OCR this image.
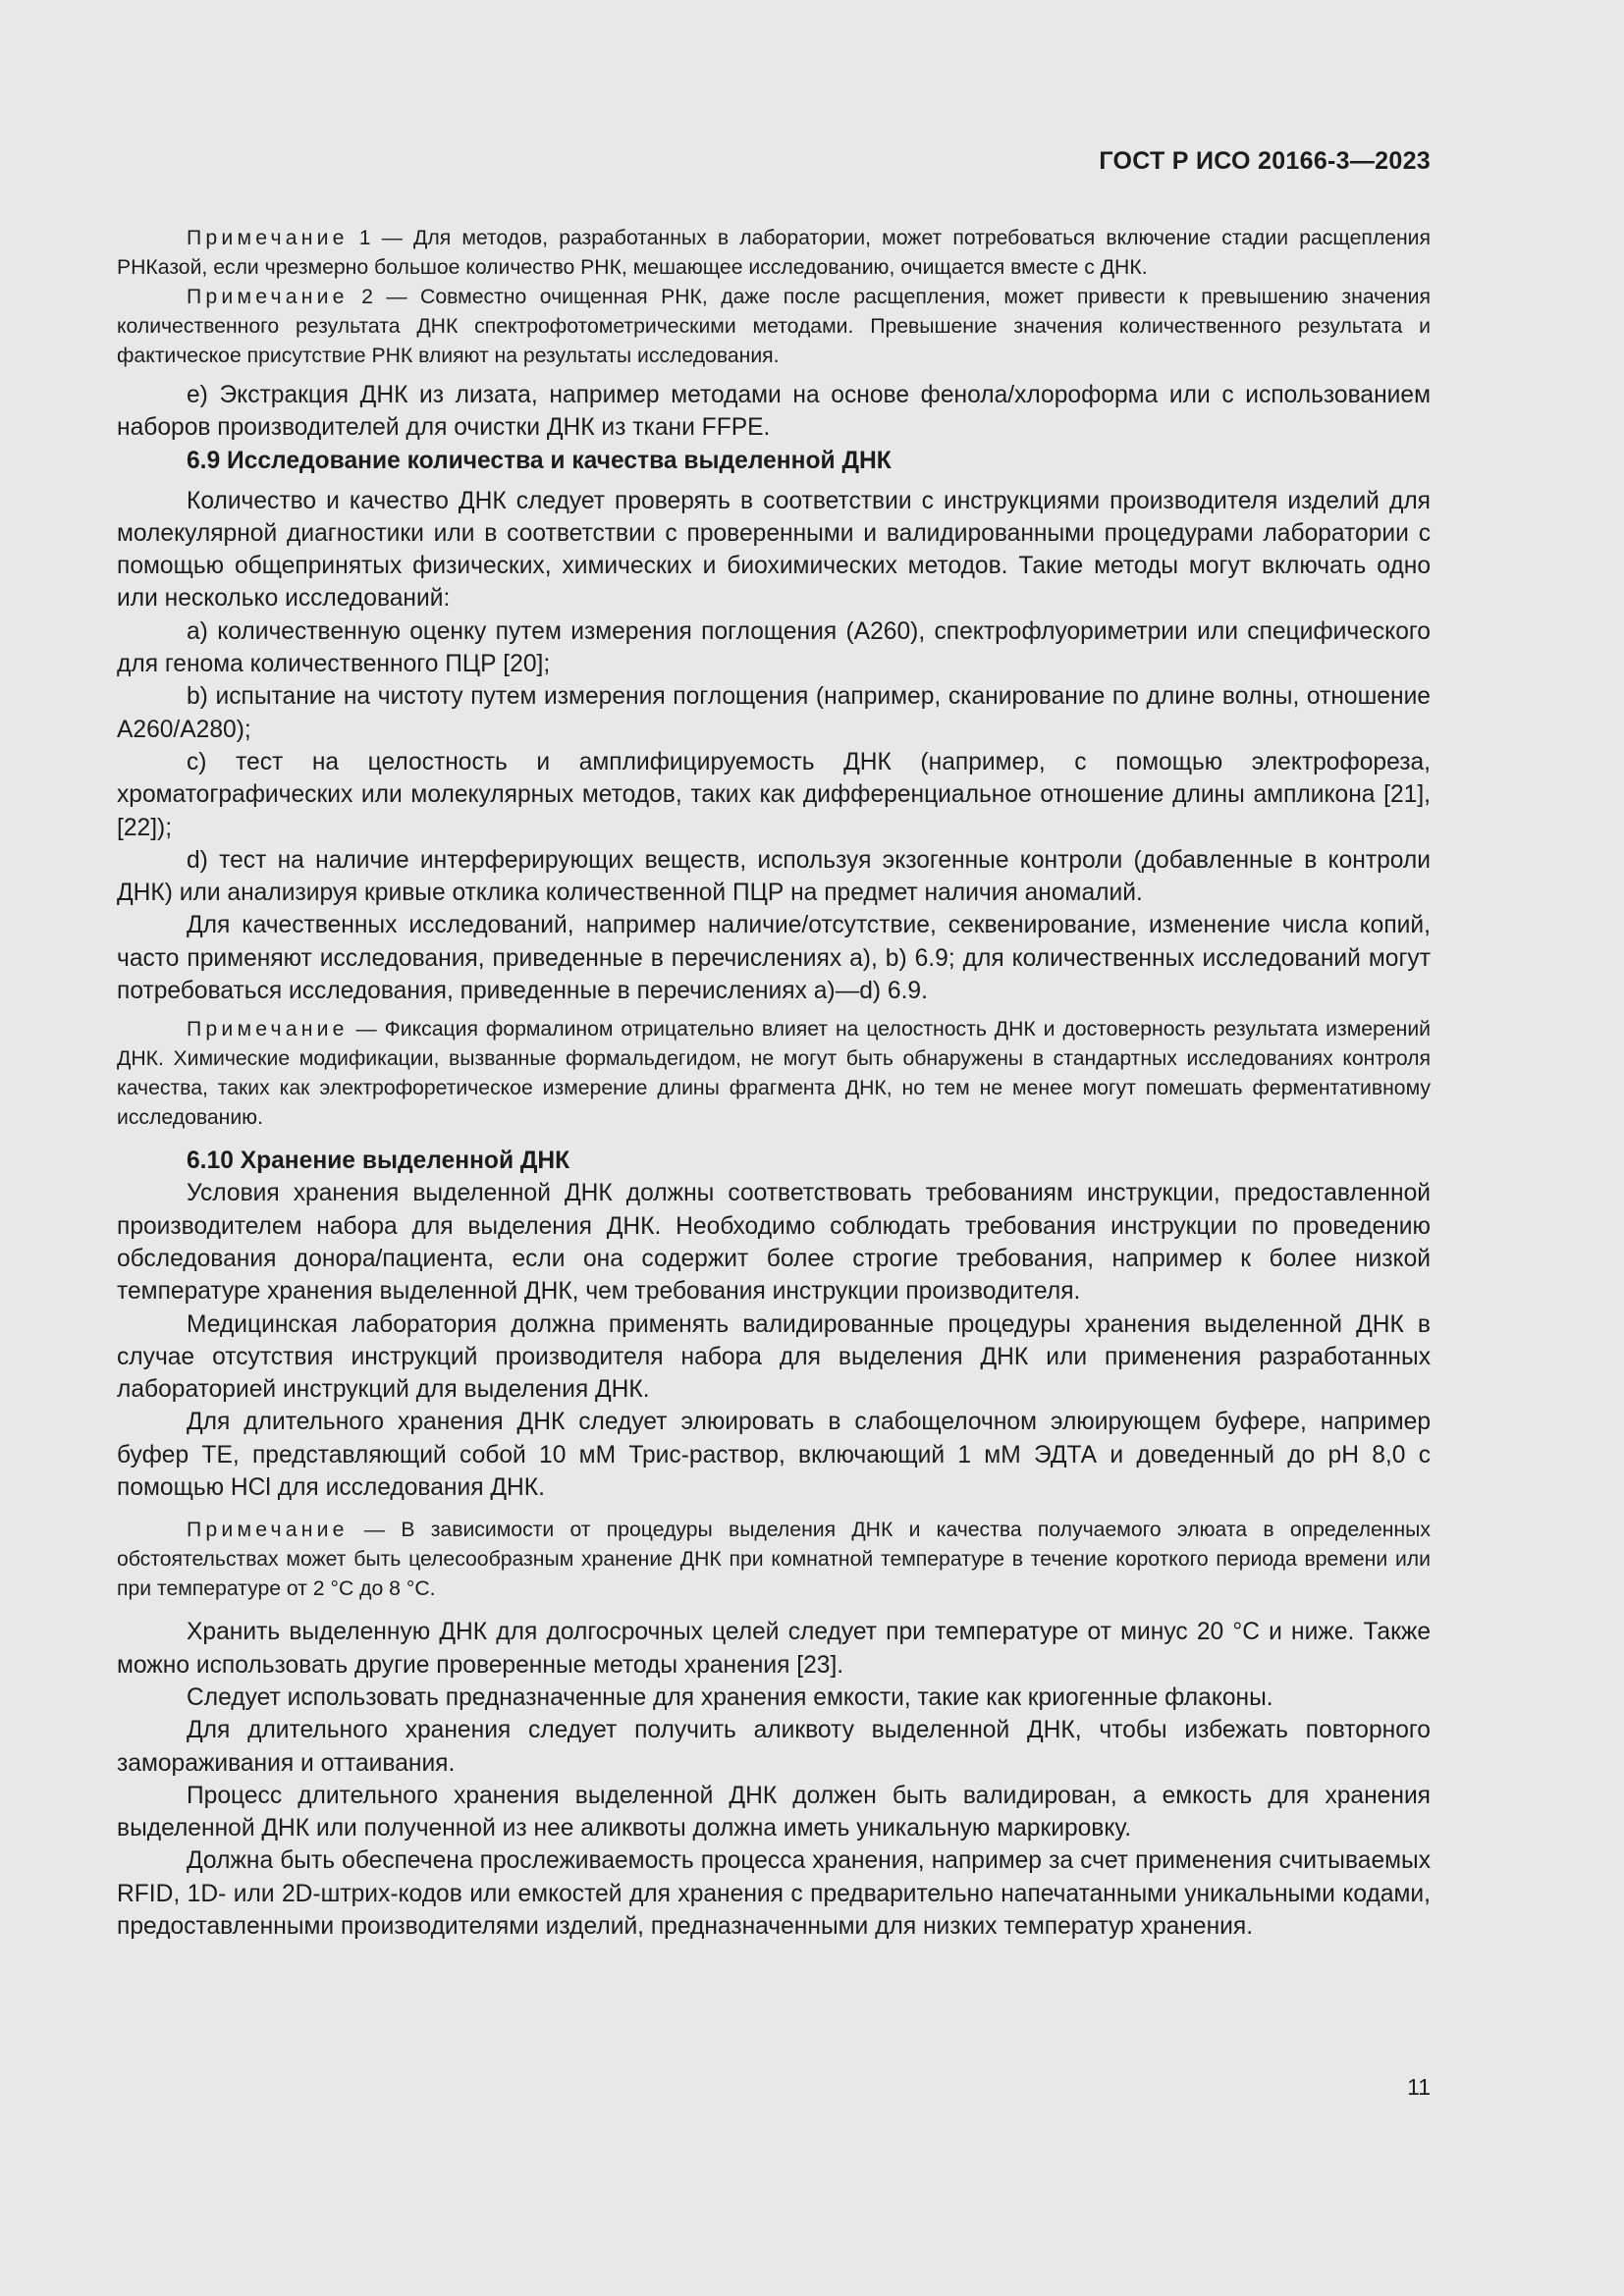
ГОСТ Р ИСО 20166-3—2023

Примечание 1 — Для методов, разработанных в лаборатории, может потребоваться включение стадии расщепления РНКазой, если чрезмерно большое количество РНК, мешающее исследованию, очищается вместе с ДНК.

Примечание 2 — Совместно очищенная РНК, даже после расщепления, может привести к превышению значения количественного результата ДНК спектрофотометрическими методами. Превышение значения количественного результата и фактическое присутствие РНК влияют на результаты исследования.

e) Экстракция ДНК из лизата, например методами на основе фенола/хлороформа или с использованием наборов производителей для очистки ДНК из ткани FFPE.

6.9 Исследование количества и качества выделенной ДНК

Количество и качество ДНК следует проверять в соответствии с инструкциями производителя изделий для молекулярной диагностики или в соответствии с проверенными и валидированными процедурами лаборатории с помощью общепринятых физических, химических и биохимических методов. Такие методы могут включать одно или несколько исследований:

a) количественную оценку путем измерения поглощения (А260), спектрофлуориметрии или специфического для генома количественного ПЦР [20];

b) испытание на чистоту путем измерения поглощения (например, сканирование по длине волны, отношение А260/А280);

c) тест на целостность и амплифицируемость ДНК (например, с помощью электрофореза, хроматографических или молекулярных методов, таких как дифференциальное отношение длины ампликона [21], [22]);

d) тест на наличие интерферирующих веществ, используя экзогенные контроли (добавленные в контроли ДНК) или анализируя кривые отклика количественной ПЦР на предмет наличия аномалий.

Для качественных исследований, например наличие/отсутствие, секвенирование, изменение числа копий, часто применяют исследования, приведенные в перечислениях a), b) 6.9; для количественных исследований могут потребоваться исследования, приведенные в перечислениях a)—d) 6.9.

Примечание — Фиксация формалином отрицательно влияет на целостность ДНК и достоверность результата измерений ДНК. Химические модификации, вызванные формальдегидом, не могут быть обнаружены в стандартных исследованиях контроля качества, таких как электрофоретическое измерение длины фрагмента ДНК, но тем не менее могут помешать ферментативному исследованию.

6.10 Хранение выделенной ДНК

Условия хранения выделенной ДНК должны соответствовать требованиям инструкции, предоставленной производителем набора для выделения ДНК. Необходимо соблюдать требования инструкции по проведению обследования донора/пациента, если она содержит более строгие требования, например к более низкой температуре хранения выделенной ДНК, чем требования инструкции производителя.

Медицинская лаборатория должна применять валидированные процедуры хранения выделенной ДНК в случае отсутствия инструкций производителя набора для выделения ДНК или применения разработанных лабораторией инструкций для выделения ДНК.

Для длительного хранения ДНК следует элюировать в слабощелочном элюирующем буфере, например буфер TE, представляющий собой 10 мМ Трис-раствор, включающий 1 мМ ЭДТА и доведенный до pH 8,0 с помощью HCl для исследования ДНК.

Примечание — В зависимости от процедуры выделения ДНК и качества получаемого элюата в определенных обстоятельствах может быть целесообразным хранение ДНК при комнатной температуре в течение короткого периода времени или при температуре от 2 °С до 8 °С.

Хранить выделенную ДНК для долгосрочных целей следует при температуре от минус 20 °С и ниже. Также можно использовать другие проверенные методы хранения [23].

Следует использовать предназначенные для хранения емкости, такие как криогенные флаконы.

Для длительного хранения следует получить аликвоту выделенной ДНК, чтобы избежать повторного замораживания и оттаивания.

Процесс длительного хранения выделенной ДНК должен быть валидирован, а емкость для хранения выделенной ДНК или полученной из нее аликвоты должна иметь уникальную маркировку.

Должна быть обеспечена прослеживаемость процесса хранения, например за счет применения считываемых RFID, 1D- или 2D-штрих-кодов или емкостей для хранения с предварительно напечатанными уникальными кодами, предоставленными производителями изделий, предназначенными для низких температур хранения.

11
